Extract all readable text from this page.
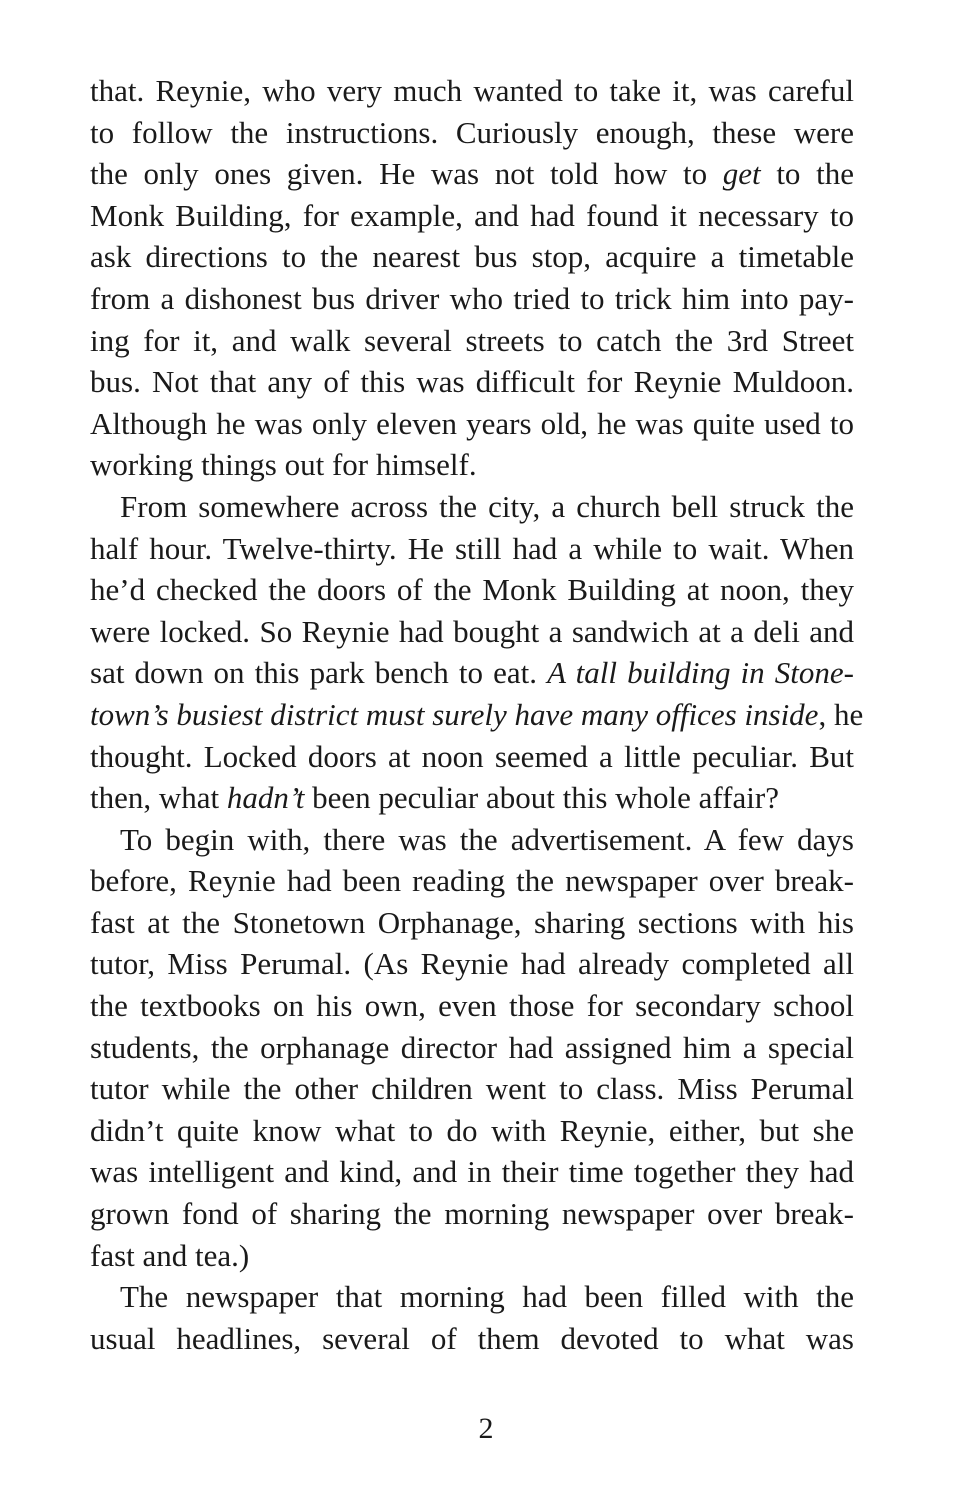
that. Reynie, who very much wanted to take it, was careful
to follow the instructions. Curiously enough, these were
the only ones given. He was not told how to get to the
Monk Building, for example, and had found it necessary to
ask directions to the nearest bus stop, acquire a timetable
from a dishonest bus driver who tried to trick him into pay-
ing for it, and walk several streets to catch the 3rd Street
bus. Not that any of this was difficult for Reynie Muldoon.
Although he was only eleven years old, he was quite used to
working things out for himself.
From somewhere across the city, a church bell struck the
half hour. Twelve-thirty. He still had a while to wait. When
he’d checked the doors of the Monk Building at noon, they
were locked. So Reynie had bought a sandwich at a deli and
sat down on this park bench to eat. A tall building in Stone-
town’s busiest district must surely have many offices inside, he
thought. Locked doors at noon seemed a little peculiar. But
then, what hadn’t been peculiar about this whole affair?
To begin with, there was the advertisement. A few days
before, Reynie had been reading the newspaper over break-
fast at the Stonetown Orphanage, sharing sections with his
tutor, Miss Perumal. (As Reynie had already completed all
the textbooks on his own, even those for secondary school
students, the orphanage director had assigned him a special
tutor while the other children went to class. Miss Perumal
didn’t quite know what to do with Reynie, either, but she
was intelligent and kind, and in their time together they had
grown fond of sharing the morning newspaper over break-
fast and tea.)
The newspaper that morning had been filled with the
usual headlines, several of them devoted to what was
2
